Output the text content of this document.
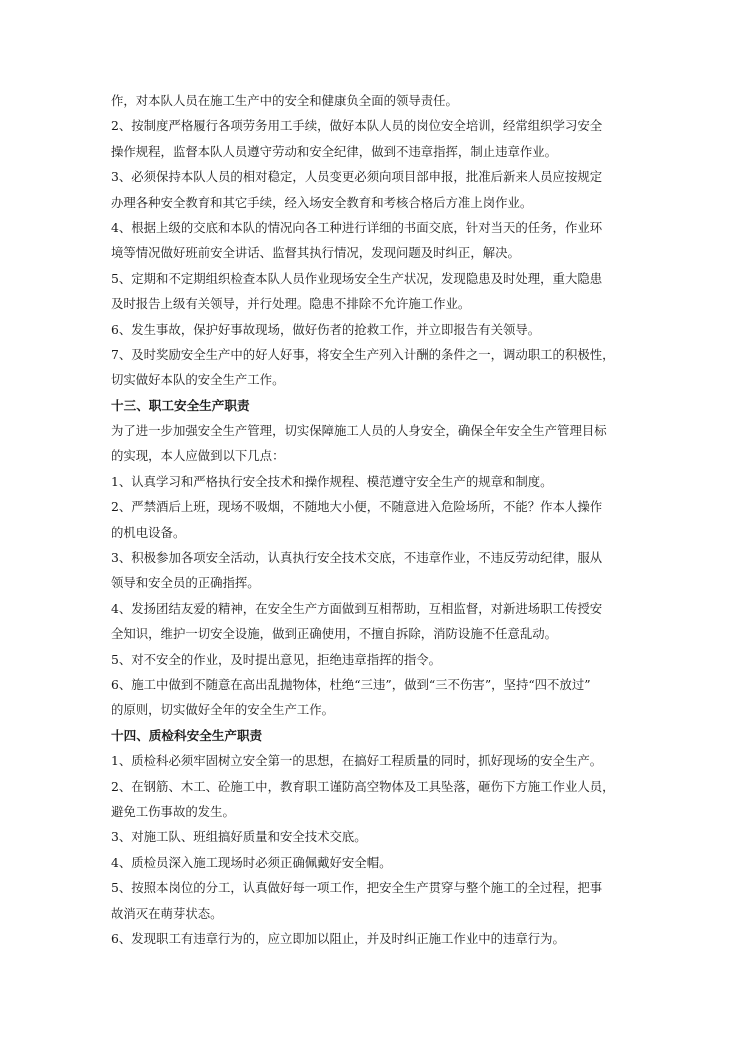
作，对本队人员在施工生产中的安全和健康负全面的领导责任。
2、按制度严格履行各项劳务用工手续，做好本队人员的岗位安全培训，经常组织学习安全
操作规程，监督本队人员遵守劳动和安全纪律，做到不违章指挥，制止违章作业。
3、必须保持本队人员的相对稳定，人员变更必须向项目部申报，批准后新来人员应按规定
办理各种安全教育和其它手续，经入场安全教育和考核合格后方准上岗作业。
4、根据上级的交底和本队的情况向各工种进行详细的书面交底，针对当天的任务，作业环
境等情况做好班前安全讲话、监督其执行情况，发现问题及时纠正，解决。
5、定期和不定期组织检查本队人员作业现场安全生产状况，发现隐患及时处理，重大隐患
及时报告上级有关领导，并行处理。隐患不排除不允许施工作业。
6、发生事故，保护好事故现场，做好伤者的抢救工作，并立即报告有关领导。
7、及时奖励安全生产中的好人好事，将安全生产列入计酬的条件之一，调动职工的积极性，
切实做好本队的安全生产工作。
十三、职工安全生产职责
为了进一步加强安全生产管理，切实保障施工人员的人身安全，确保全年安全生产管理目标
的实现，本人应做到以下几点：
1、认真学习和严格执行安全技术和操作规程、模范遵守安全生产的规章和制度。
2、严禁酒后上班，现场不吸烟，不随地大小便，不随意进入危险场所，不能？作本人操作
的机电设备。
3、积极参加各项安全活动，认真执行安全技术交底，不违章作业，不违反劳动纪律，服从
领导和安全员的正确指挥。
4、发扬团结友爱的精神，在安全生产方面做到互相帮助，互相监督，对新进场职工传授安
全知识，维护一切安全设施，做到正确使用，不擅自拆除，消防设施不任意乱动。
5、对不安全的作业，及时提出意见，拒绝违章指挥的指令。
6、施工中做到不随意在高出乱抛物体，杜绝“三违”，做到“三不伤害”，坚持“四不放过”
的原则，切实做好全年的安全生产工作。
十四、质检科安全生产职责
1、质检科必须牢固树立安全第一的思想，在搞好工程质量的同时，抓好现场的安全生产。
2、在钢筋、木工、砼施工中，教育职工谨防高空物体及工具坠落，砸伤下方施工作业人员，
避免工伤事故的发生。
3、对施工队、班组搞好质量和安全技术交底。
4、质检员深入施工现场时必须正确佩戴好安全帽。
5、按照本岗位的分工，认真做好每一项工作，把安全生产贯穿与整个施工的全过程，把事
故消灭在萌芽状态。
6、发现职工有违章行为的，应立即加以阻止，并及时纠正施工作业中的违章行为。
